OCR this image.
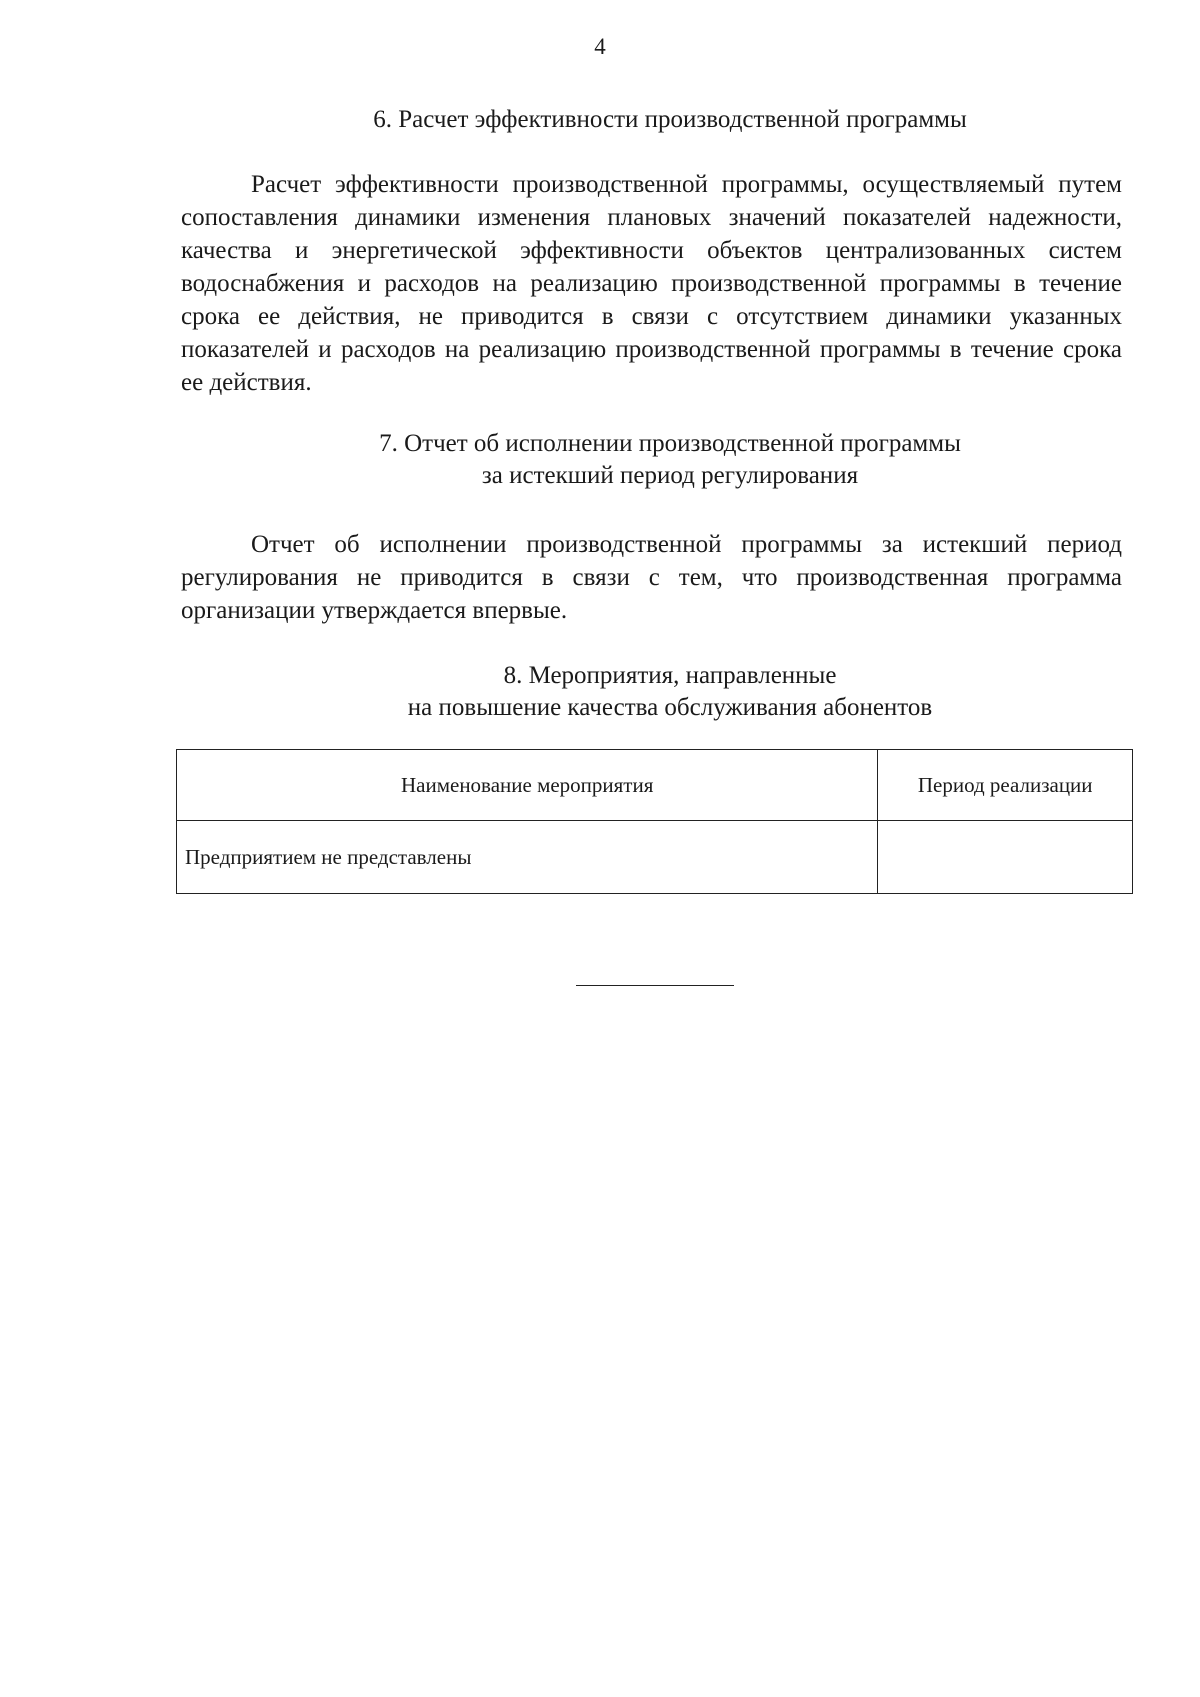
4
6. Расчет эффективности производственной программы

Расчет эффективности производственной программы, осуществляемый путем сопоставления динамики изменения плановых значений показателей надежности, качества и энергетической эффективности объектов централизованных систем водоснабжения и расходов на реализацию производственной программы в течение срока ее действия, не приводится в связи с отсутствием динамики указанных показателей и расходов на реализацию производственной программы в течение срока ее действия.

7. Отчет об исполнении производственной программы
за истекший период регулирования

Отчет об исполнении производственной программы за истекший период регулирования не приводится в связи с тем, что производственная программа организации утверждается впервые.

8. Мероприятия, направленные
на повышение качества обслуживания абонентов
Наименование мероприятия	Период реализации
Предприятием не представлены	
